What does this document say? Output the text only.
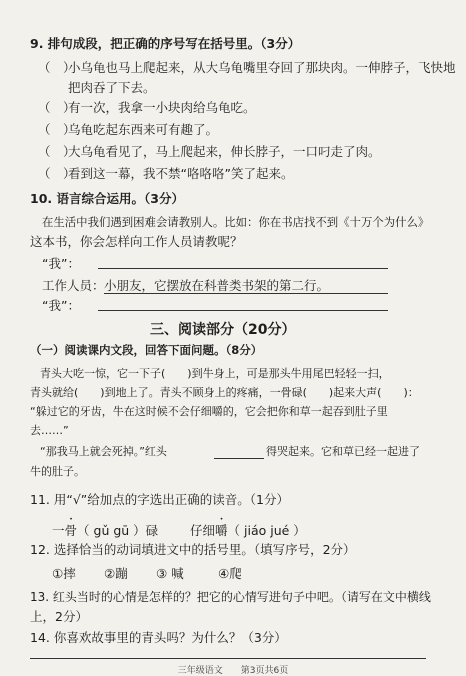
9. 排句成段，把正确的序号写在括号里。（3分）
（　）小乌龟也马上爬起来，从大乌龟嘴里夺回了那块肉。一伸脖子，飞快地
把肉吞了下去。
（　）有一次，我拿一小块肉给乌龟吃。
（　）乌龟吃起东西来可有趣了。
（　）大乌龟看见了，马上爬起来，伸长脖子，一口叼走了肉。
（　）看到这一幕，我不禁“咯咯咯”笑了起来。
10. 语言综合运用。（3分）
在生活中我们遇到困难会请教别人。比如：你在书店找不到《十万个为什么》
这本书，你会怎样向工作人员请教呢？
“我”：
工作人员： 小朋友，它摆放在科普类书架的第二行。
“我”：
三、阅读部分（20分）
（一）阅读课内文段，回答下面问题。（8分）
青头大吃一惊，它一下子(　　)到牛身上，可是那头牛用尾巴轻轻一扫，
青头就给(　　)到地上了。青头不顾身上的疼痛，一骨碌(　　)起来大声(　　)：
“躲过它的牙齿，牛在这时候不会仔细嚼的，它会把你和草一起吞到肚子里
去……”
“那我马上就会死掉。”红头	得哭起来。它和草已经一起进了
牛的肚子。
11. 用“√”给加点的字选出正确的读音。（1分）
一骨（ gǔ gū ）碌	仔细嚼（ jiáo jué ）
12. 选择恰当的动词填进文中的括号里。（填写序号，2分）
①摔 ②蹦 ③ 喊	④爬
13. 红头当时的心情是怎样的？把它的心情写进句子中吧。（请写在文中横线
上，2分）
14. 你喜欢故事里的青头吗？为什么？（3分）
三年级语文　　第3页共6页
